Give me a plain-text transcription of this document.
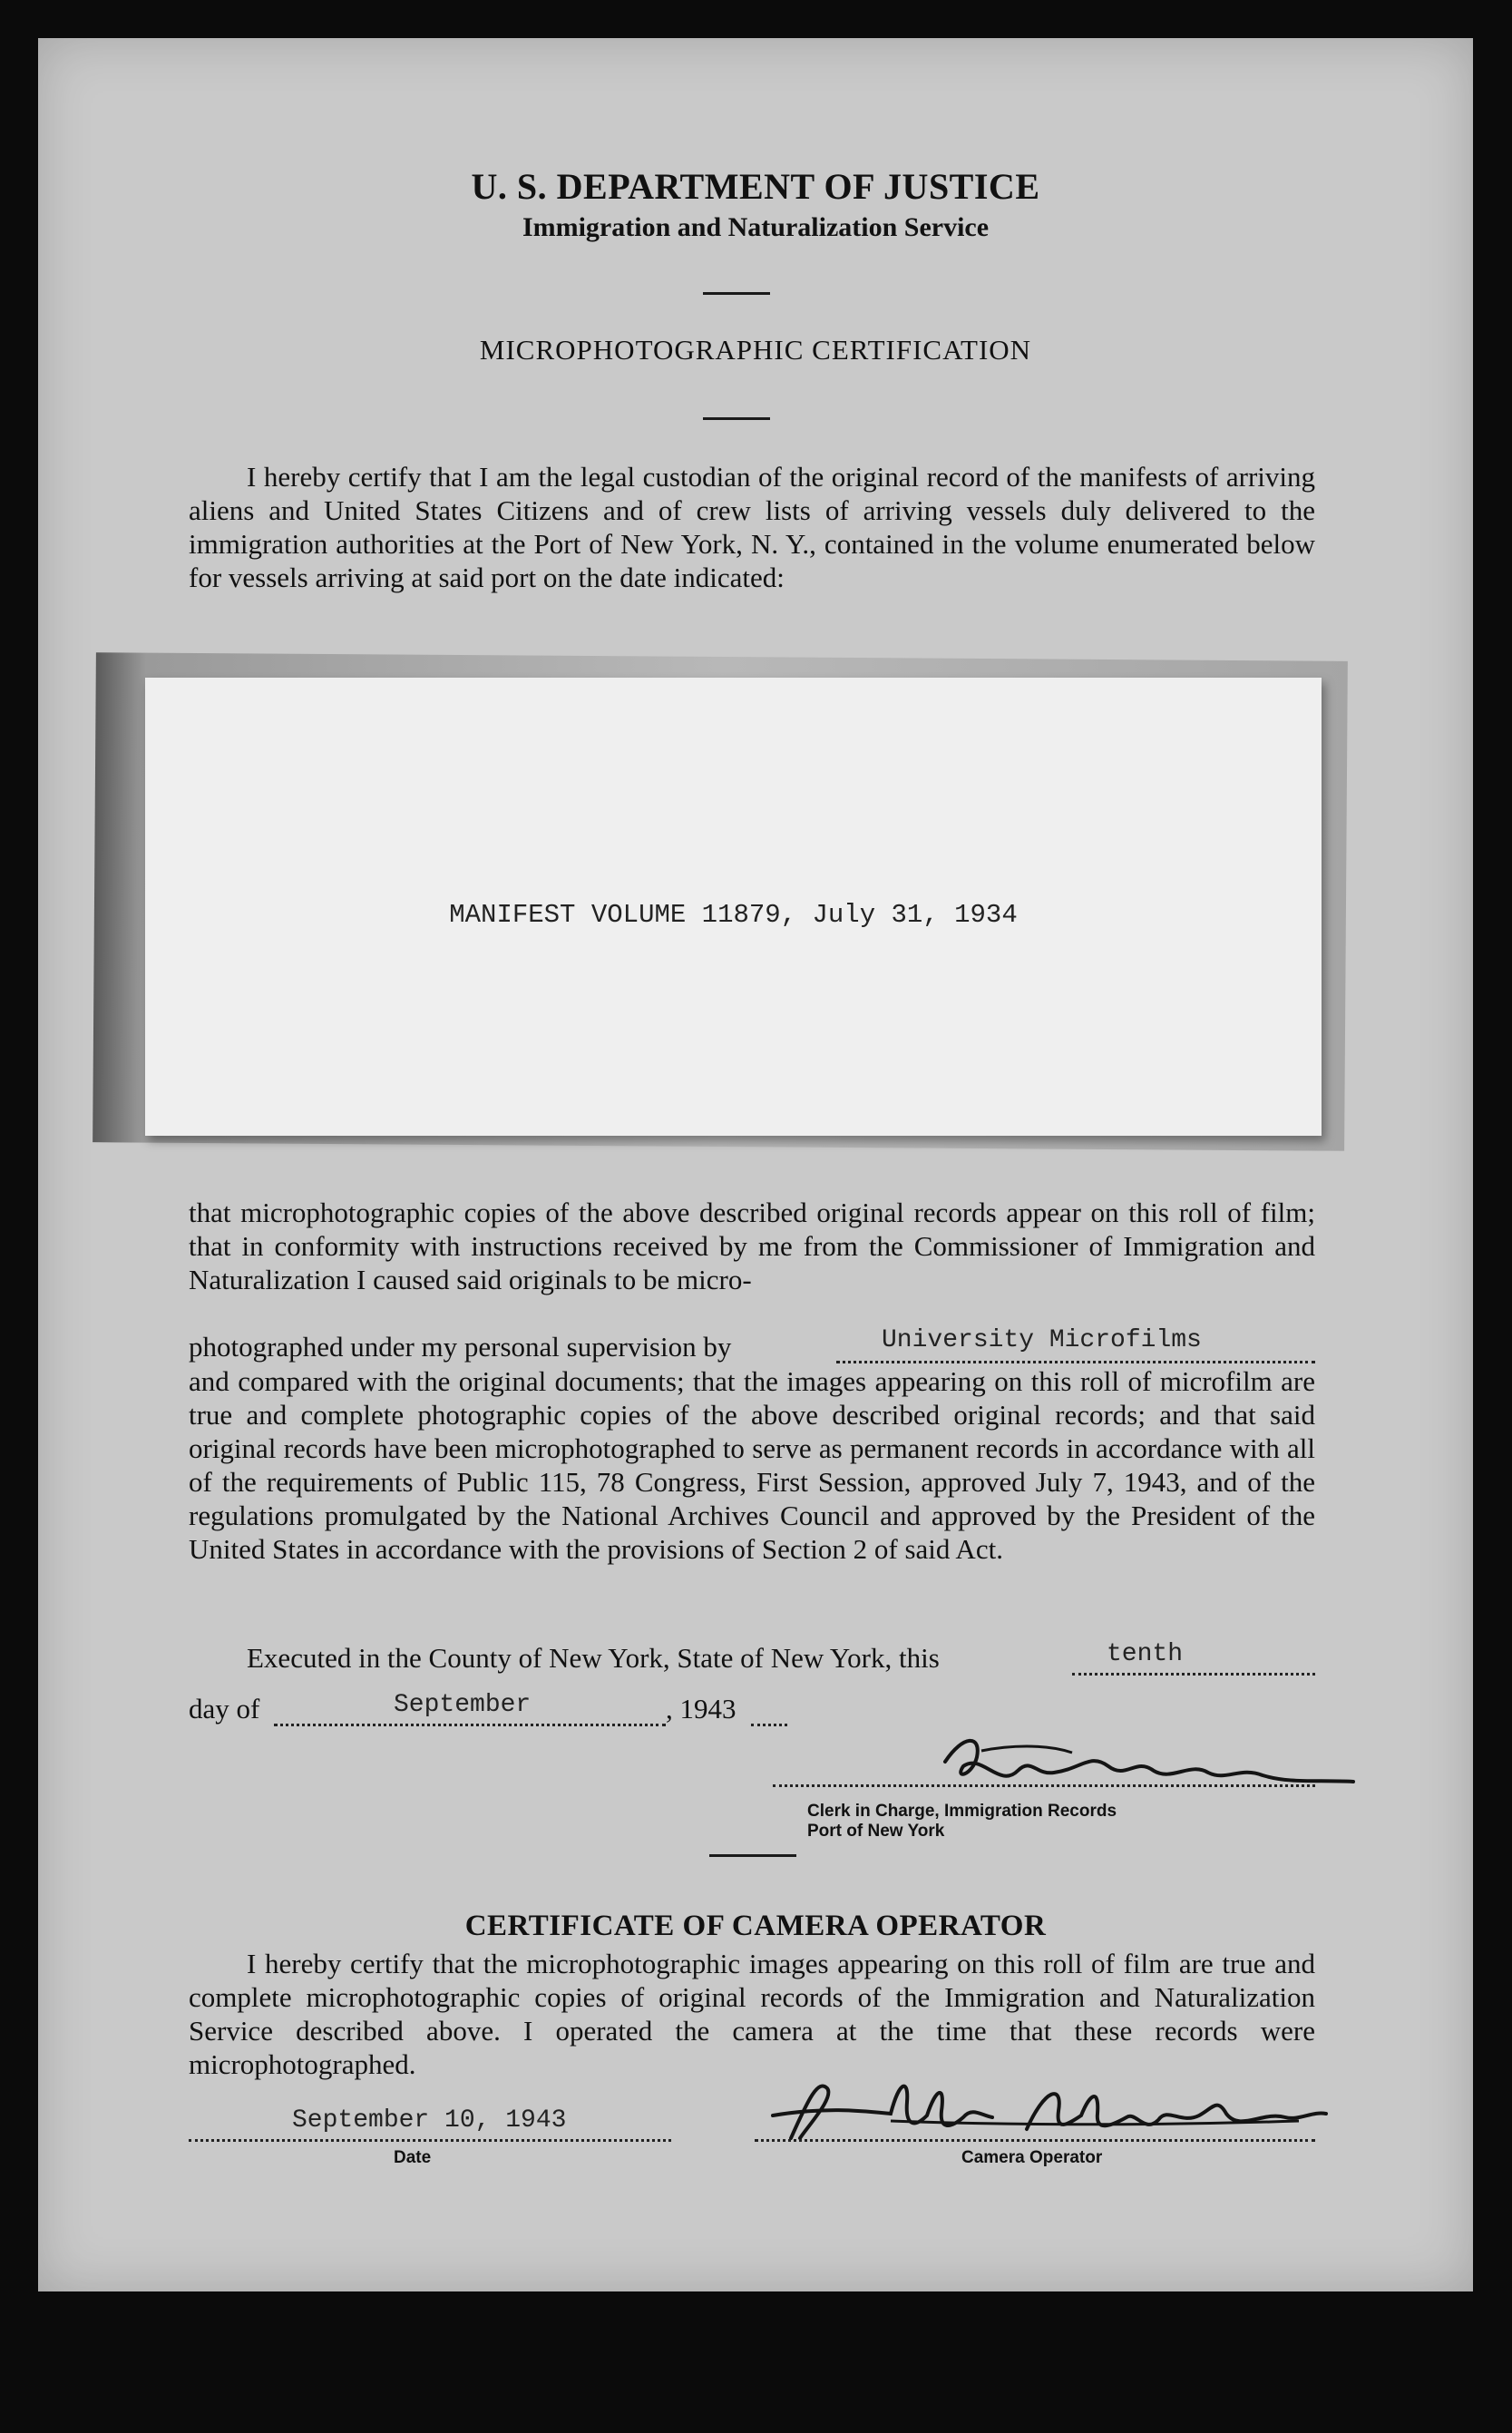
U. S. DEPARTMENT OF JUSTICE
Immigration and Naturalization Service
MICROPHOTOGRAPHIC CERTIFICATION
I hereby certify that I am the legal custodian of the original record of the manifests of arriving aliens and United States Citizens and of crew lists of arriving vessels duly delivered to the immigration authorities at the Port of New York, N. Y., contained in the volume enumerated below for vessels arriving at said port on the date indicated:
MANIFEST VOLUME 11879, July 31, 1934
that microphotographic copies of the above described original records appear on this roll of film; that in conformity with instructions received by me from the Commissioner of Immigration and Naturalization I caused said originals to be micro-
photographed under my personal supervision by	University Microfilms
and compared with the original documents; that the images appearing on this roll of microfilm are true and complete photographic copies of the above described original records; and that said original records have been microphotographed to serve as permanent records in accordance with all of the requirements of Public 115, 78 Congress, First Session, approved July 7, 1943, and of the regulations promulgated by the National Archives Council and approved by the President of the United States in accordance with the provisions of Section 2 of said Act.
Executed in the County of New York, State of New York, this	tenth
day of	September	, 1943
Clerk in Charge, Immigration Records
Port of New York
CERTIFICATE OF CAMERA OPERATOR
I hereby certify that the microphotographic images appearing on this roll of film are true and complete microphotographic copies of original records of the Immigration and Naturalization Service described above. I operated the camera at the time that these records were microphotographed.
September 10, 1943
Date	Camera Operator
